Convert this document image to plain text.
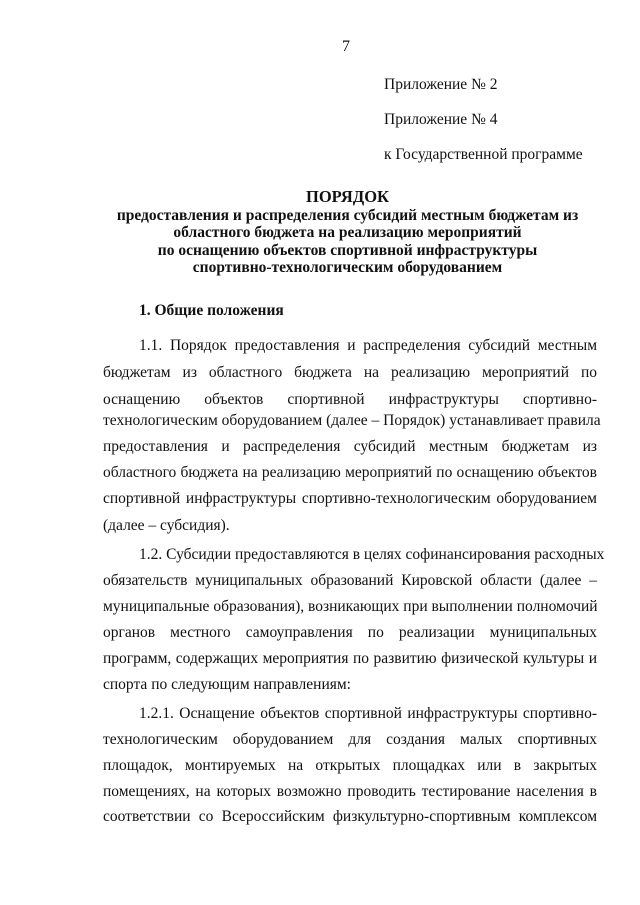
7
Приложение № 2
Приложение № 4
к Государственной программе
ПОРЯДОК
предоставления и распределения субсидий местным бюджетам из
областного бюджета на реализацию мероприятий
по оснащению объектов спортивной инфраструктуры
спортивно-технологическим оборудованием
1. Общие положения
1.1. Порядок предоставления и распределения субсидий местным
бюджетам из областного бюджета на реализацию мероприятий по
оснащению объектов спортивной инфраструктуры спортивно-
технологическим оборудованием (далее – Порядок) устанавливает правила
предоставления и распределения субсидий местным бюджетам из
областного бюджета на реализацию мероприятий по оснащению объектов
спортивной инфраструктуры спортивно-технологическим оборудованием
(далее – субсидия).
1.2. Субсидии предоставляются в целях софинансирования расходных
обязательств муниципальных образований Кировской области (далее –
муниципальные образования), возникающих при выполнении полномочий
органов местного самоуправления по реализации муниципальных
программ, содержащих мероприятия по развитию физической культуры и
спорта по следующим направлениям:
1.2.1. Оснащение объектов спортивной инфраструктуры спортивно-
технологическим оборудованием для создания малых спортивных
площадок, монтируемых на открытых площадках или в закрытых
помещениях, на которых возможно проводить тестирование населения в
соответствии со Всероссийским физкультурно-спортивным комплексом
